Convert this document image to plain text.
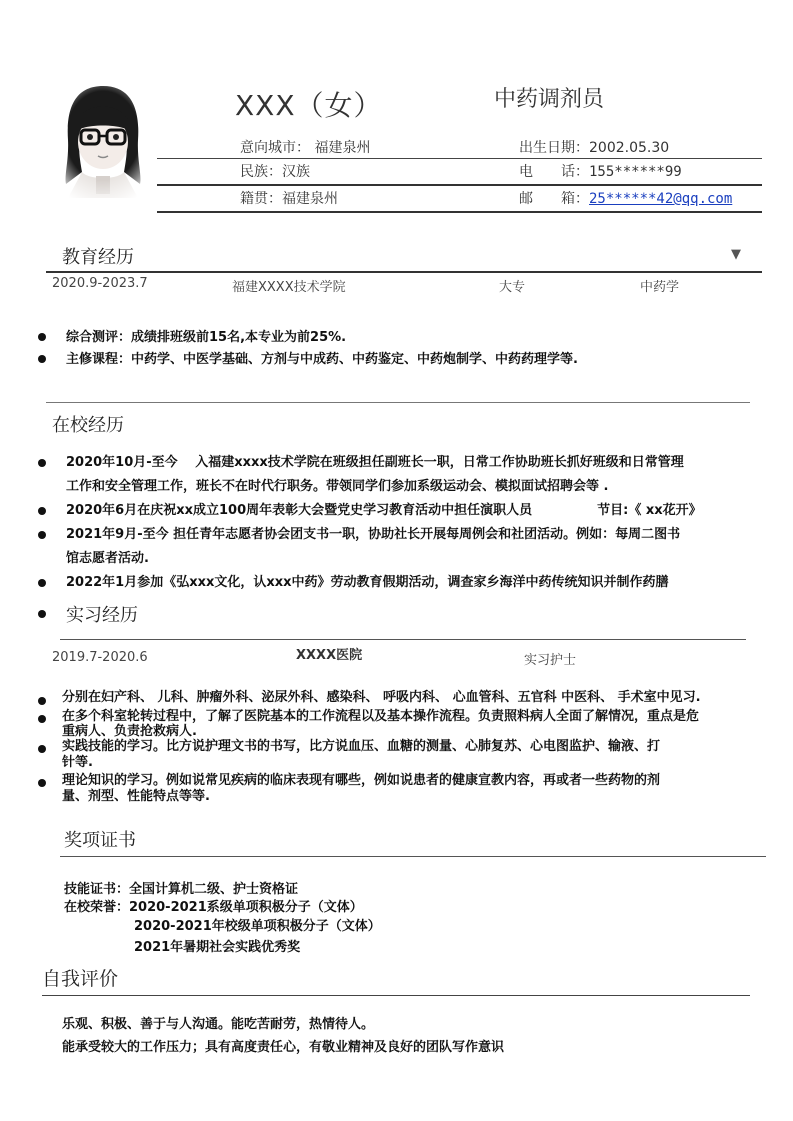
XXX（女）	中药调剂员
意向城市： 福建泉州	出生日期：2002.05.30
民族：汉族	电　　话：155******99
籍贯：福建泉州	邮　　箱：25******42@qq.com
教育经历	▼
2020.9-2023.7	福建XXXX技术学院	大专	中药学
综合测评：成绩排班级前15名,本专业为前25%.
主修课程：中药学、中医学基础、方剂与中成药、中药鉴定、中药炮制学、中药药理学等.
在校经历
2020年10月-至今　 入福建xxxx技术学院在班级担任副班长一职，日常工作协助班长抓好班级和日常管理
工作和安全管理工作，班长不在时代行职务。带领同学们参加系级运动会、模拟面试招聘会等 .
2020年6月在庆祝xx成立100周年表彰大会暨党史学习教育活动中担任演职人员　　　　　节目:《 xx花开》
2021年9月-至今 担任青年志愿者协会团支书一职，协助社长开展每周例会和社团活动。例如：每周二图书
馆志愿者活动.
2022年1月参加《弘xxx文化，认xxx中药》劳动教育假期活动，调查家乡海洋中药传统知识并制作药膳
实习经历
2019.7-2020.6	XXXX医院	实习护士
分别在妇产科、 儿科、肿瘤外科、泌尿外科、感染科、 呼吸内科、 心血管科、五官科 中医科、 手术室中见习.
在多个科室轮转过程中，了解了医院基本的工作流程以及基本操作流程。负责照料病人全面了解情况，重点是危
重病人、负责抢救病人.
实践技能的学习。比方说护理文书的书写，比方说血压、血糖的测量、心肺复苏、心电图监护、输液、打
针等.
理论知识的学习。例如说常见疾病的临床表现有哪些，例如说患者的健康宣教内容，再或者一些药物的剂
量、剂型、性能特点等等.
奖项证书
技能证书：全国计算机二级、护士资格证
在校荣誉：2020-2021系级单项积极分子（文体）
2020-2021年校级单项积极分子（文体）
2021年暑期社会实践优秀奖
自我评价
乐观、积极、善于与人沟通。能吃苦耐劳，热情待人。
能承受较大的工作压力；具有高度责任心，有敬业精神及良好的团队写作意识
